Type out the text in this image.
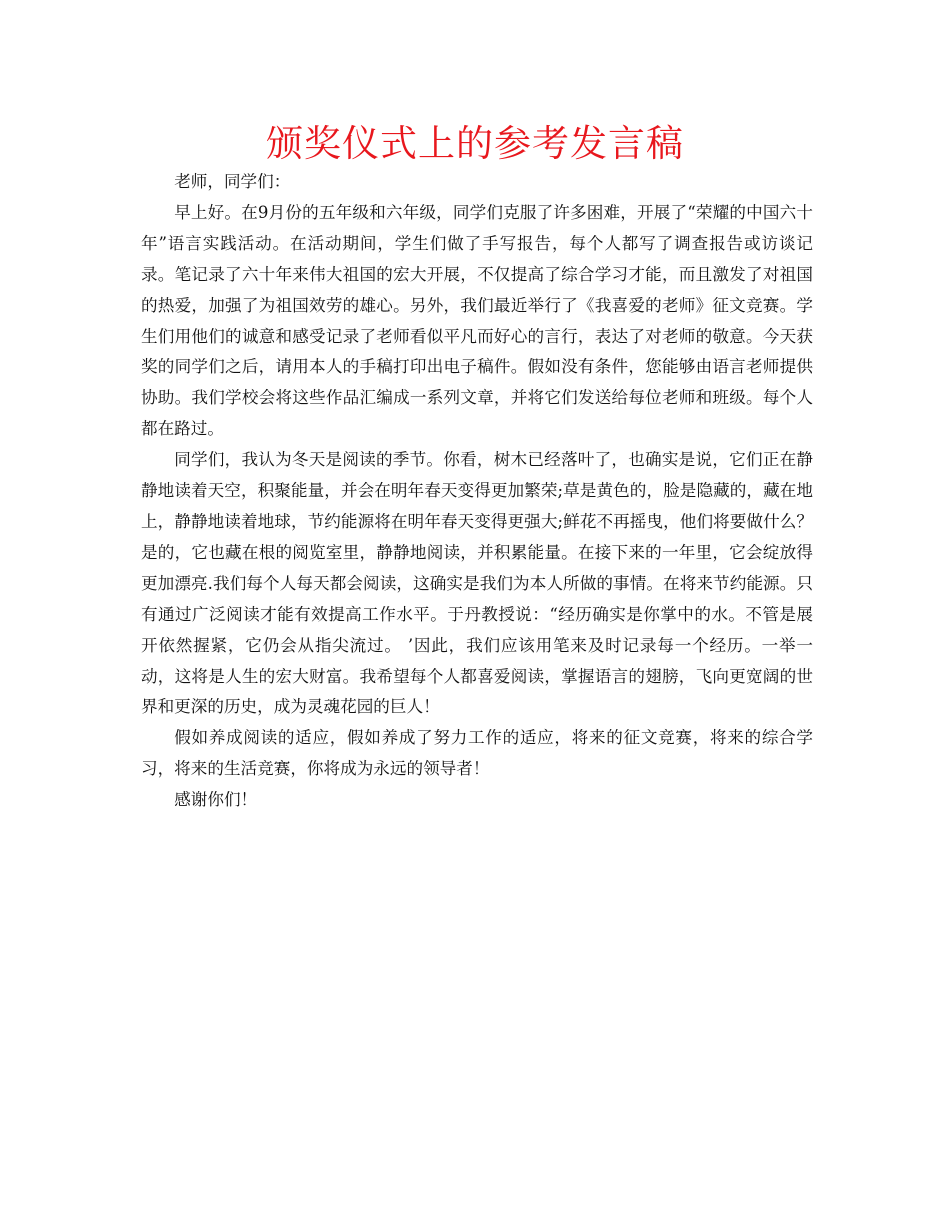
颁奖仪式上的参考发言稿

老师，同学们：

早上好。在9月份的五年级和六年级，同学们克服了许多困难，开展了“荣耀的中国六十年”语言实践活动。在活动期间，学生们做了手写报告，每个人都写了调查报告或访谈记录。笔记录了六十年来伟大祖国的宏大开展，不仅提高了综合学习才能，而且激发了对祖国的热爱，加强了为祖国效劳的雄心。另外，我们最近举行了《我喜爱的老师》征文竞赛。学生们用他们的诚意和感受记录了老师看似平凡而好心的言行，表达了对老师的敬意。今天获奖的同学们之后，请用本人的手稿打印出电子稿件。假如没有条件，您能够由语言老师提供协助。我们学校会将这些作品汇编成一系列文章，并将它们发送给每位老师和班级。每个人都在路过。

同学们，我认为冬天是阅读的季节。你看，树木已经落叶了，也确实是说，它们正在静静地读着天空，积聚能量，并会在明年春天变得更加繁荣;草是黄色的，脸是隐藏的，藏在地上，静静地读着地球，节约能源将在明年春天变得更强大;鲜花不再摇曳，他们将要做什么？是的，它也藏在根的阅览室里，静静地阅读，并积累能量。在接下来的一年里，它会绽放得更加漂亮.我们每个人每天都会阅读，这确实是我们为本人所做的事情。在将来节约能源。只有通过广泛阅读才能有效提高工作水平。于丹教授说：“经历确实是你掌中的水。不管是展开依然握紧，它仍会从指尖流过。 ’因此，我们应该用笔来及时记录每一个经历。一举一动，这将是人生的宏大财富。我希望每个人都喜爱阅读，掌握语言的翅膀，飞向更宽阔的世界和更深的历史，成为灵魂花园的巨人！

假如养成阅读的适应，假如养成了努力工作的适应，将来的征文竞赛，将来的综合学习，将来的生活竞赛，你将成为永远的领导者！

感谢你们！
